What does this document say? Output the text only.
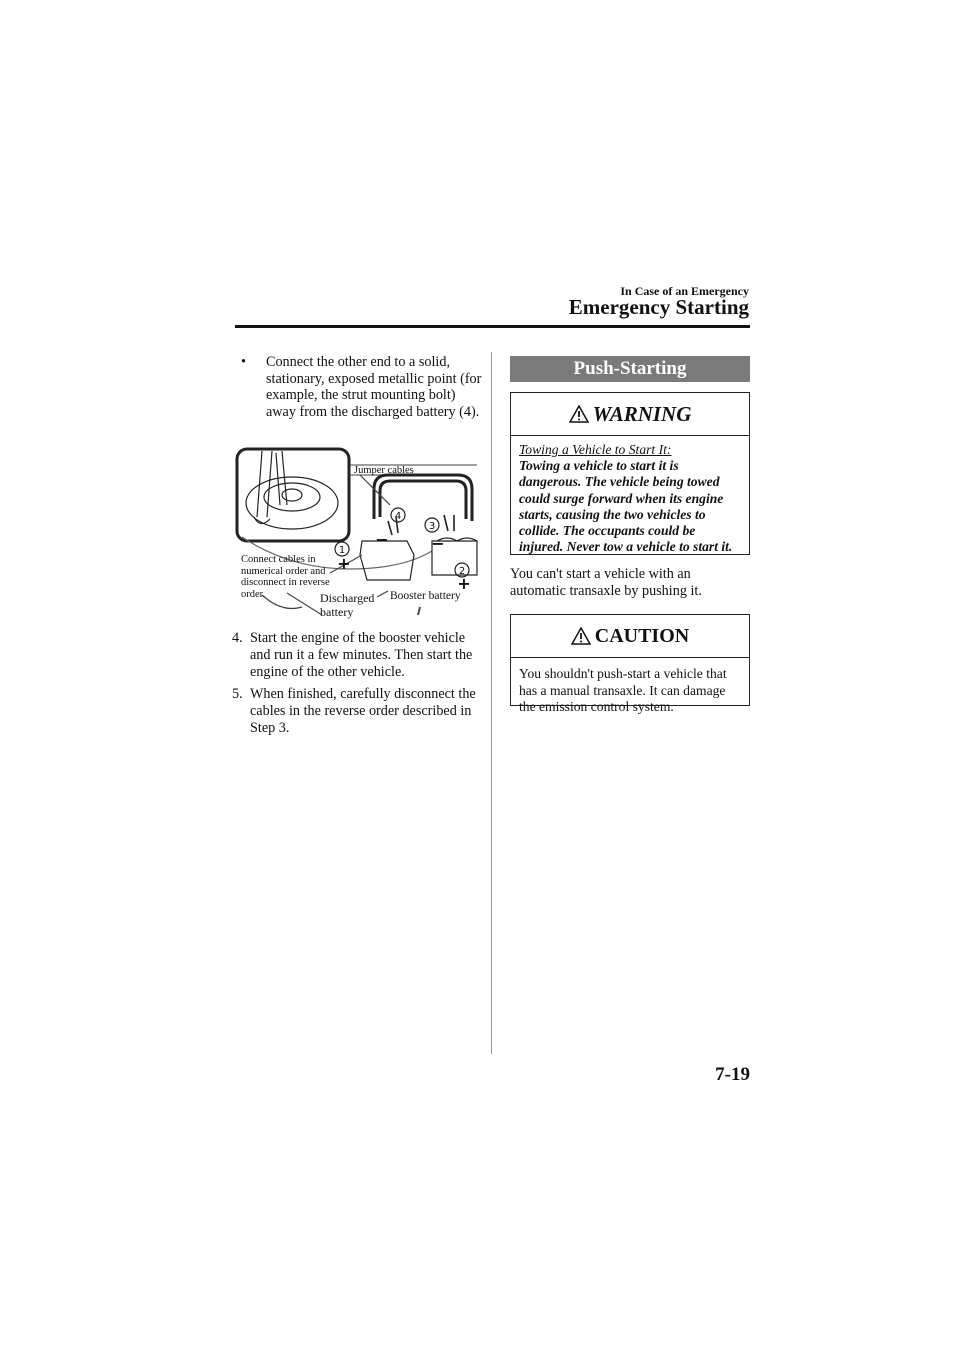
In Case of an Emergency
Emergency Starting
•	Connect the other end to a solid, stationary, exposed metallic point (for example, the strut mounting bolt) away from the discharged battery (4).
1
2
3
4
+
+
−
−
Jumper cables
Connect cables in numerical order and disconnect in reverse order.	Discharged battery
Booster battery
4. Start the engine of the booster vehicle and run it a few minutes. Then start the engine of the other vehicle.
5. When finished, carefully disconnect the cables in the reverse order described in Step 3.
Push-Starting
WARNING
Towing a Vehicle to Start It:
Towing a vehicle to start it is dangerous. The vehicle being towed could surge forward when its engine starts, causing the two vehicles to collide. The occupants could be injured. Never tow a vehicle to start it.
You can't start a vehicle with an automatic transaxle by pushing it.
CAUTION
You shouldn't push-start a vehicle that has a manual transaxle. It can damage the emission control system.
7-19
